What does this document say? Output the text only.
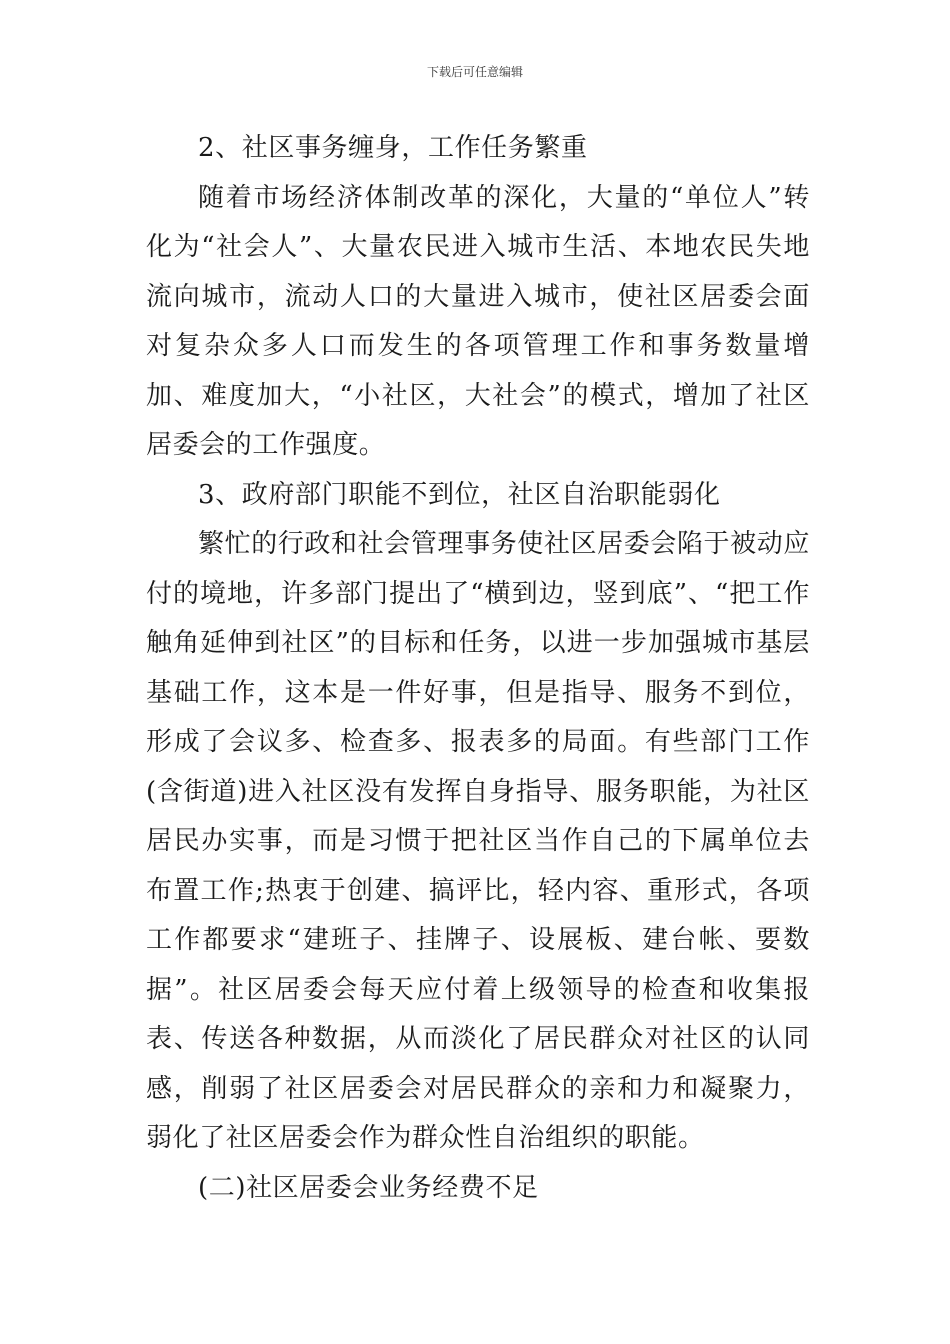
下载后可任意编辑

2、社区事务缠身，工作任务繁重

随着市场经济体制改革的深化，大量的“单位人”转化为“社会人”、大量农民进入城市生活、本地农民失地流向城市，流动人口的大量进入城市，使社区居委会面对复杂众多人口而发生的各项管理工作和事务数量增加、难度加大，“小社区，大社会”的模式，增加了社区居委会的工作强度。

3、政府部门职能不到位，社区自治职能弱化

繁忙的行政和社会管理事务使社区居委会陷于被动应付的境地，许多部门提出了“横到边，竖到底”、“把工作触角延伸到社区”的目标和任务，以进一步加强城市基层基础工作，这本是一件好事，但是指导、服务不到位，形成了会议多、检查多、报表多的局面。有些部门工作(含街道)进入社区没有发挥自身指导、服务职能，为社区居民办实事，而是习惯于把社区当作自己的下属单位去布置工作;热衷于创建、搞评比，轻内容、重形式，各项工作都要求“建班子、挂牌子、设展板、建台帐、要数据”。社区居委会每天应付着上级领导的检查和收集报表、传送各种数据，从而淡化了居民群众对社区的认同感，削弱了社区居委会对居民群众的亲和力和凝聚力，弱化了社区居委会作为群众性自治组织的职能。

(二)社区居委会业务经费不足
